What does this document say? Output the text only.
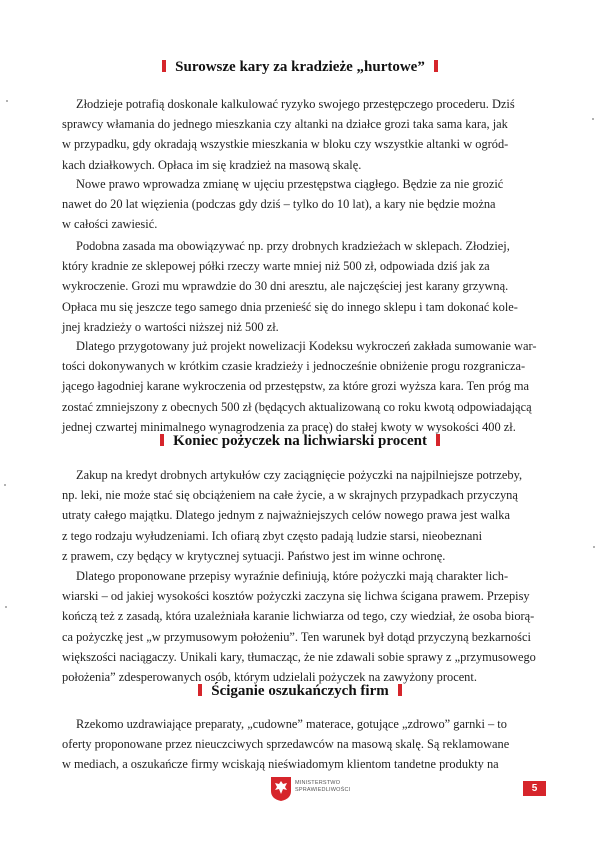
Surowsze kary za kradzieże „hurtowe”
Złodzieje potrafią doskonale kalkulować ryzyko swojego przestępczego procederu. Dziś
sprawcy włamania do jednego mieszkania czy altanki na działce grozi taka sama kara, jak
w przypadku, gdy okradają wszystkie mieszkania w bloku czy wszystkie altanki w ogród-
kach działkowych. Opłaca im się kradzież na masową skalę.
Nowe prawo wprowadza zmianę w ujęciu przestępstwa ciągłego. Będzie za nie grozić
nawet do 20 lat więzienia (podczas gdy dziś – tylko do 10 lat), a kary nie będzie można
w całości zawiesić.
Podobna zasada ma obowiązywać np. przy drobnych kradzieżach w sklepach. Złodziej,
który kradnie ze sklepowej półki rzeczy warte mniej niż 500 zł, odpowiada dziś jak za
wykroczenie. Grozi mu wprawdzie do 30 dni aresztu, ale najczęściej jest karany grzywną.
Opłaca mu się jeszcze tego samego dnia przenieść się do innego sklepu i tam dokonać kole-
jnej kradzieży o wartości niższej niż 500 zł.
Dlatego przygotowany już projekt nowelizacji Kodeksu wykroczeń zakłada sumowanie war-
tości dokonywanych w krótkim czasie kradzieży i jednocześnie obniżenie progu rozgranicza-
jącego łagodniej karane wykroczenia od przestępstw, za które grozi wyższa kara. Ten próg ma
zostać zmniejszony z obecnych 500 zł (będących aktualizowaną co roku kwotą odpowiadającą
jednej czwartej minimalnego wynagrodzenia za pracę) do stałej kwoty w wysokości 400 zł.
Koniec pożyczek na lichwiarski procent
Zakup na kredyt drobnych artykułów czy zaciągnięcie pożyczki na najpilniejsze potrzeby,
np. leki, nie może stać się obciążeniem na całe życie, a w skrajnych przypadkach przyczyną
utraty całego majątku. Dlatego jednym z najważniejszych celów nowego prawa jest walka
z tego rodzaju wyłudzeniami. Ich ofiarą zbyt często padają ludzie starsi, nieobeznani
z prawem, czy będący w krytycznej sytuacji. Państwo jest im winne ochronę.
Dlatego proponowane przepisy wyraźnie definiują, które pożyczki mają charakter lich-
wiarski – od jakiej wysokości kosztów pożyczki zaczyna się lichwa ścigana prawem. Przepisy
kończą też z zasadą, która uzależniała karanie lichwiarza od tego, czy wiedział, że osoba biorą-
ca pożyczkę jest „w przymusowym położeniu”. Ten warunek był dotąd przyczyną bezkarności
większości naciągaczy. Unikali kary, tłumacząc, że nie zdawali sobie sprawy z „przymusowego
położenia” zdesperowanych osób, którym udzielali pożyczek na zawyżony procent.
Ściganie oszukańczych firm
Rzekomo uzdrawiające preparaty, „cudowne” materace, gotujące „zdrowo” garnki – to
oferty proponowane przez nieuczciwych sprzedawców na masową skalę. Są reklamowane
w mediach, a oszukańcze firmy wciskają nieświadomym klientom tandetne produkty na
MINISTERSTWO
SPRAWIEDLIWOŚCI	5
